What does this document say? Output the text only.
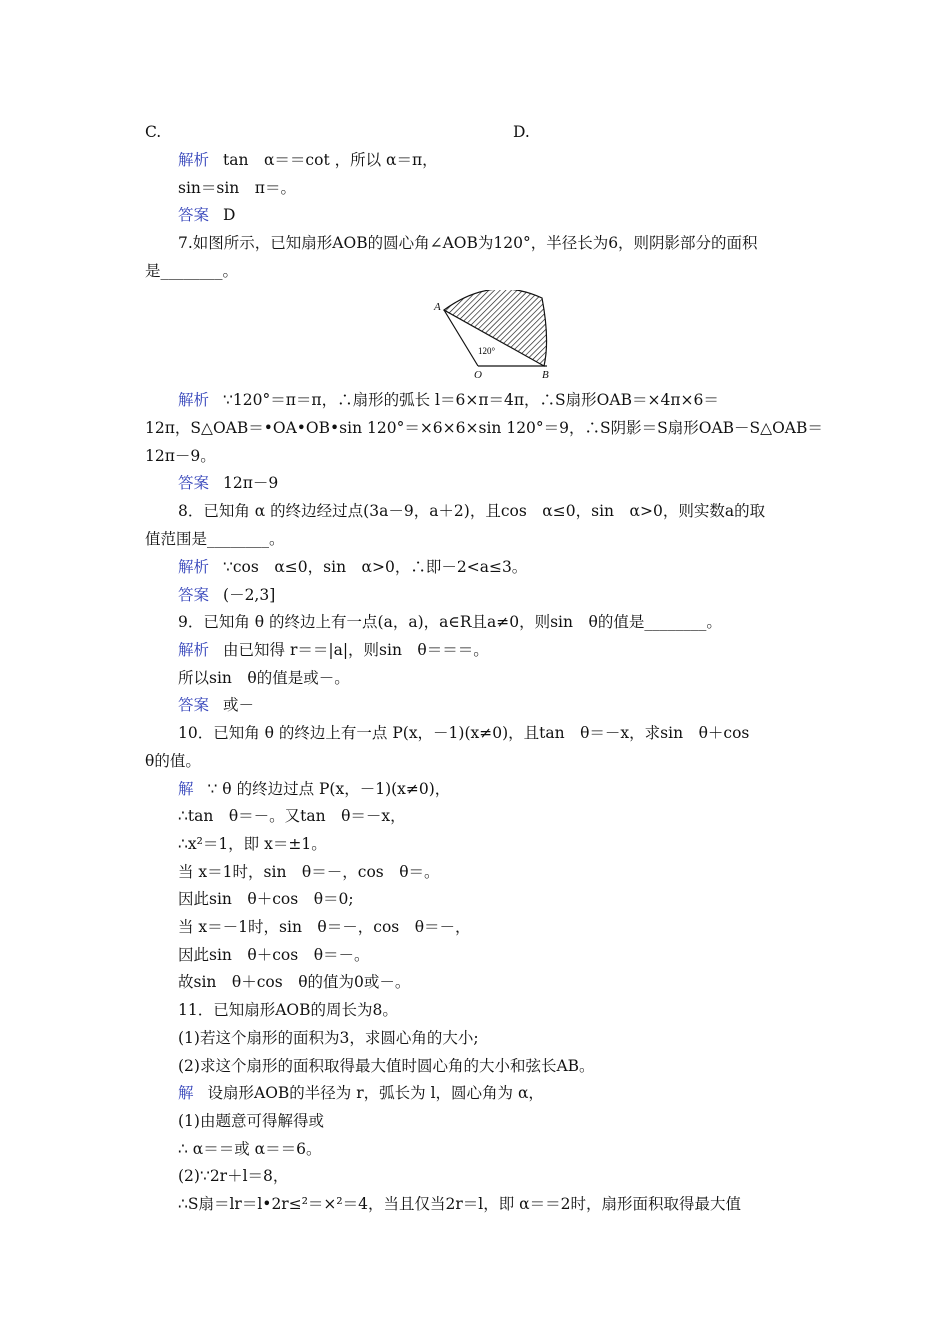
C.	D.
解析 tan　α＝＝cot ，所以 α＝π，
sin＝sin　π＝。
答案 D
7.如图所示，已知扇形AOB的圆心角∠AOB为120°，半径长为6，则阴影部分的面积
是________。
A
O	B
120°
解析 ∵120°＝π＝π，∴扇形的弧长 l＝6×π＝4π，∴S扇形OAB＝×4π×6＝
12π，S△OAB＝•OA•OB•sin 120°＝×6×6×sin 120°＝9，∴S阴影＝S扇形OAB－S△OAB＝
12π－9。
答案 12π－9
8．已知角 α 的终边经过点(3a－9，a＋2)，且cos　α≤0，sin　α>0，则实数a的取
值范围是________。
解析 ∵cos　α≤0，sin　α>0，∴即－2<a≤3。
答案 (－2,3]
9．已知角 θ 的终边上有一点(a，a)，a∈R且a≠0，则sin　θ的值是________。
解析 由已知得 r＝＝|a|，则sin　θ＝＝＝。
所以sin　θ的值是或－。
答案 或－
10．已知角 θ 的终边上有一点 P(x，－1)(x≠0)，且tan　θ＝－x，求sin　θ＋cos
θ的值。
解 ∵ θ 的终边过点 P(x，－1)(x≠0)，
∴tan　θ＝－。又tan　θ＝－x，
∴x²＝1，即 x＝±1。
当 x＝1时，sin　θ＝－，cos　θ＝。
因此sin　θ＋cos　θ＝0;
当 x＝－1时，sin　θ＝－，cos　θ＝－，
因此sin　θ＋cos　θ＝－。
故sin　θ＋cos　θ的值为0或－。
11．已知扇形AOB的周长为8。
(1)若这个扇形的面积为3，求圆心角的大小;
(2)求这个扇形的面积取得最大值时圆心角的大小和弦长AB。
解 设扇形AOB的半径为 r，弧长为 l，圆心角为 α，
(1)由题意可得解得或
∴ α＝＝或 α＝＝6。
(2)∵2r＋l＝8，
∴S扇＝lr＝l•2r≤²＝×²＝4，当且仅当2r＝l，即 α＝＝2时，扇形面积取得最大值
